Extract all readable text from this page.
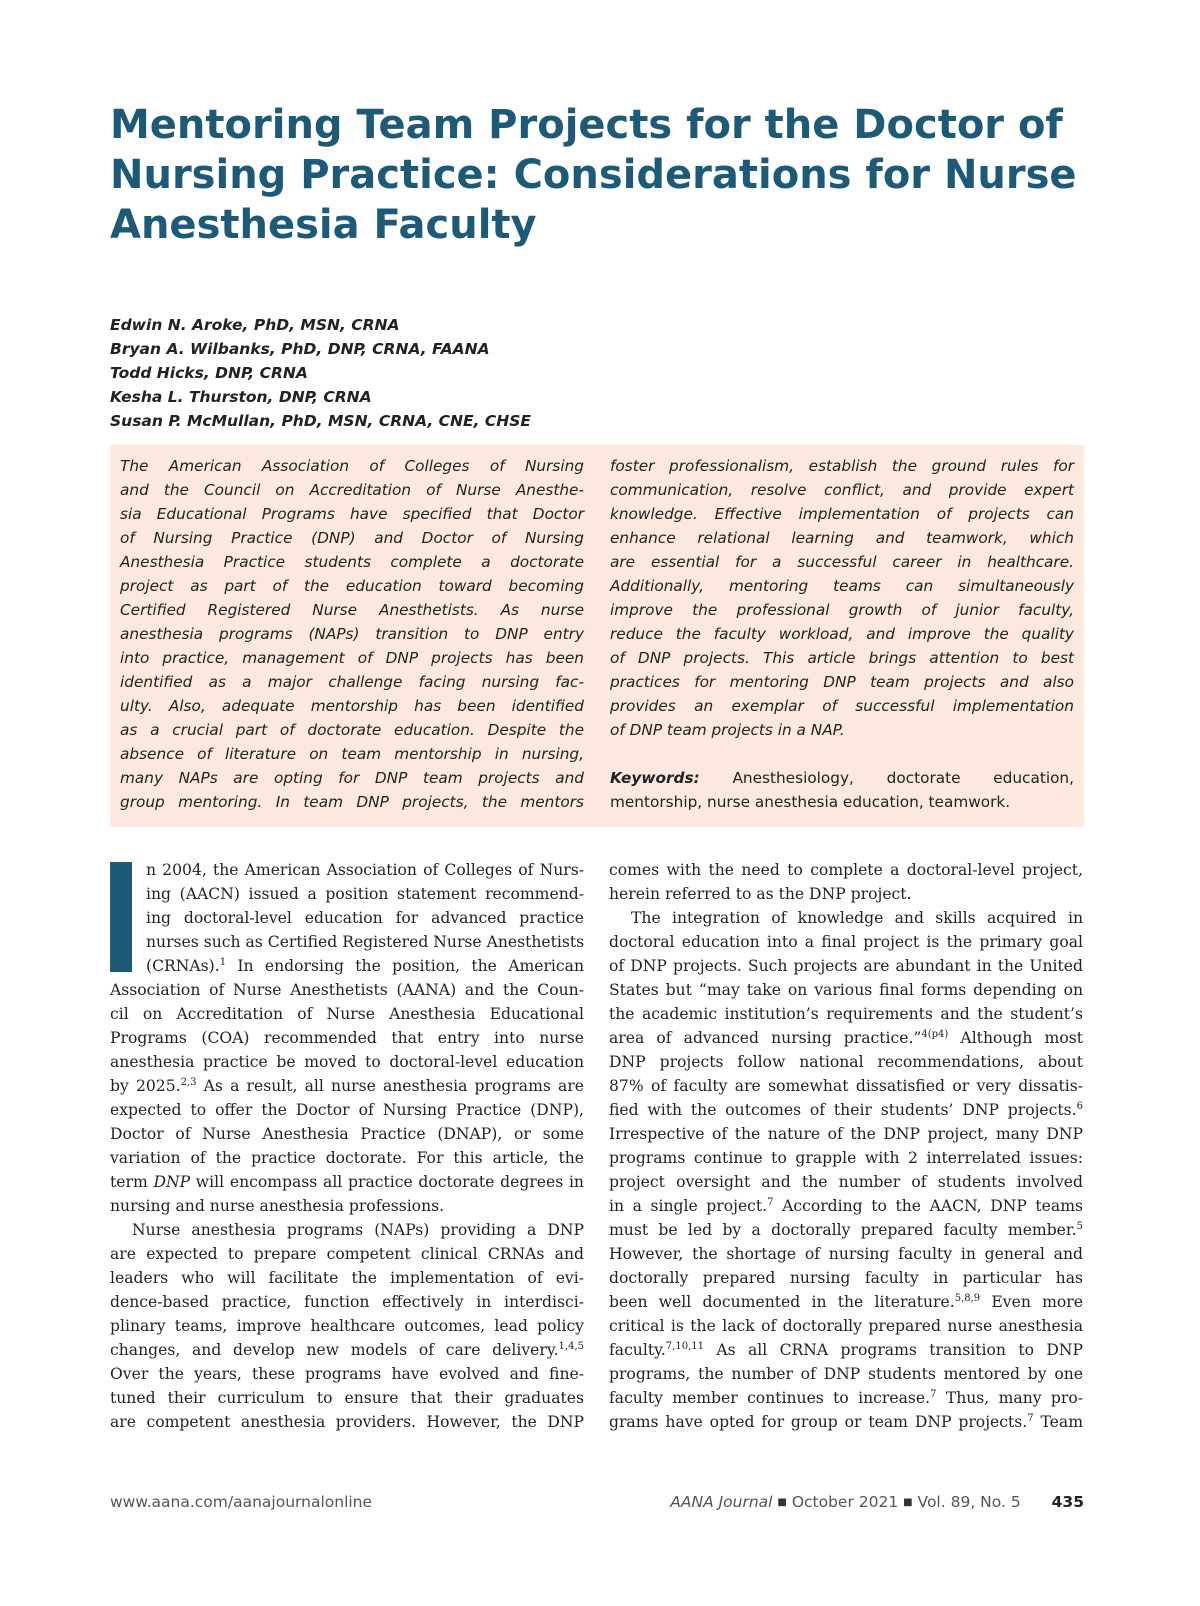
Mentoring Team Projects for the Doctor of
Nursing Practice: Considerations for Nurse
Anesthesia Faculty
Edwin N. Aroke, PhD, MSN, CRNA
Bryan A. Wilbanks, PhD, DNP, CRNA, FAANA
Todd Hicks, DNP, CRNA
Kesha L. Thurston, DNP, CRNA
Susan P. McMullan, PhD, MSN, CRNA, CNE, CHSE
The American Association of Colleges of Nursing
and the Council on Accreditation of Nurse Anesthe-
sia Educational Programs have specified that Doctor
of Nursing Practice (DNP) and Doctor of Nursing
Anesthesia Practice students complete a doctorate
project as part of the education toward becoming
Certified Registered Nurse Anesthetists. As nurse
anesthesia programs (NAPs) transition to DNP entry
into practice, management of DNP projects has been
identified as a major challenge facing nursing fac-
ulty. Also, adequate mentorship has been identified
as a crucial part of doctorate education. Despite the
absence of literature on team mentorship in nursing,
many NAPs are opting for DNP team projects and
group mentoring. In team DNP projects, the mentors
foster professionalism, establish the ground rules for
communication, resolve conflict, and provide expert
knowledge. Effective implementation of projects can
enhance relational learning and teamwork, which
are essential for a successful career in healthcare.
Additionally, mentoring teams can simultaneously
improve the professional growth of junior faculty,
reduce the faculty workload, and improve the quality
of DNP projects. This article brings attention to best
practices for mentoring DNP team projects and also
provides an exemplar of successful implementation
of DNP team projects in a NAP.
Keywords: Anesthesiology, doctorate education,
mentorship, nurse anesthesia education, teamwork.
n 2004, the American Association of Colleges of Nurs-
ing (AACN) issued a position statement recommend-
ing doctoral-level education for advanced practice
nurses such as Certified Registered Nurse Anesthetists
(CRNAs).$^1$ In endorsing the position, the American
Association of Nurse Anesthetists (AANA) and the Coun-
cil on Accreditation of Nurse Anesthesia Educational
Programs (COA) recommended that entry into nurse
anesthesia practice be moved to doctoral-level education
by 2025.$^{2,3}$ As a result, all nurse anesthesia programs are
expected to offer the Doctor of Nursing Practice (DNP),
Doctor of Nurse Anesthesia Practice (DNAP), or some
variation of the practice doctorate. For this article, the
term DNP will encompass all practice doctorate degrees in
nursing and nurse anesthesia professions.
Nurse anesthesia programs (NAPs) providing a DNP
are expected to prepare competent clinical CRNAs and
leaders who will facilitate the implementation of evi-
dence-based practice, function effectively in interdisci-
plinary teams, improve healthcare outcomes, lead policy
changes, and develop new models of care delivery.$^{1,4,5}$
Over the years, these programs have evolved and fine-
tuned their curriculum to ensure that their graduates
are competent anesthesia providers. However, the DNP
comes with the need to complete a doctoral-level project,
herein referred to as the DNP project.
The integration of knowledge and skills acquired in
doctoral education into a final project is the primary goal
of DNP projects. Such projects are abundant in the United
States but “may take on various final forms depending on
the academic institution’s requirements and the student’s
area of advanced nursing practice.”$^{4(p4)}$ Although most
DNP projects follow national recommendations, about
87% of faculty are somewhat dissatisfied or very dissatis-
fied with the outcomes of their students’ DNP projects.$^6$
Irrespective of the nature of the DNP project, many DNP
programs continue to grapple with 2 interrelated issues:
project oversight and the number of students involved
in a single project.$^7$ According to the AACN, DNP teams
must be led by a doctorally prepared faculty member.$^5$
However, the shortage of nursing faculty in general and
doctorally prepared nursing faculty in particular has
been well documented in the literature.$^{5,8,9}$ Even more
critical is the lack of doctorally prepared nurse anesthesia
faculty.$^{7,10,11}$ As all CRNA programs transition to DNP
programs, the number of DNP students mentored by one
faculty member continues to increase.$^7$ Thus, many pro-
grams have opted for group or team DNP projects.$^7$ Team
www.aana.com/aanajournalonline	AANA Journal ■ October 2021 ■ Vol. 89, No. 5 435
